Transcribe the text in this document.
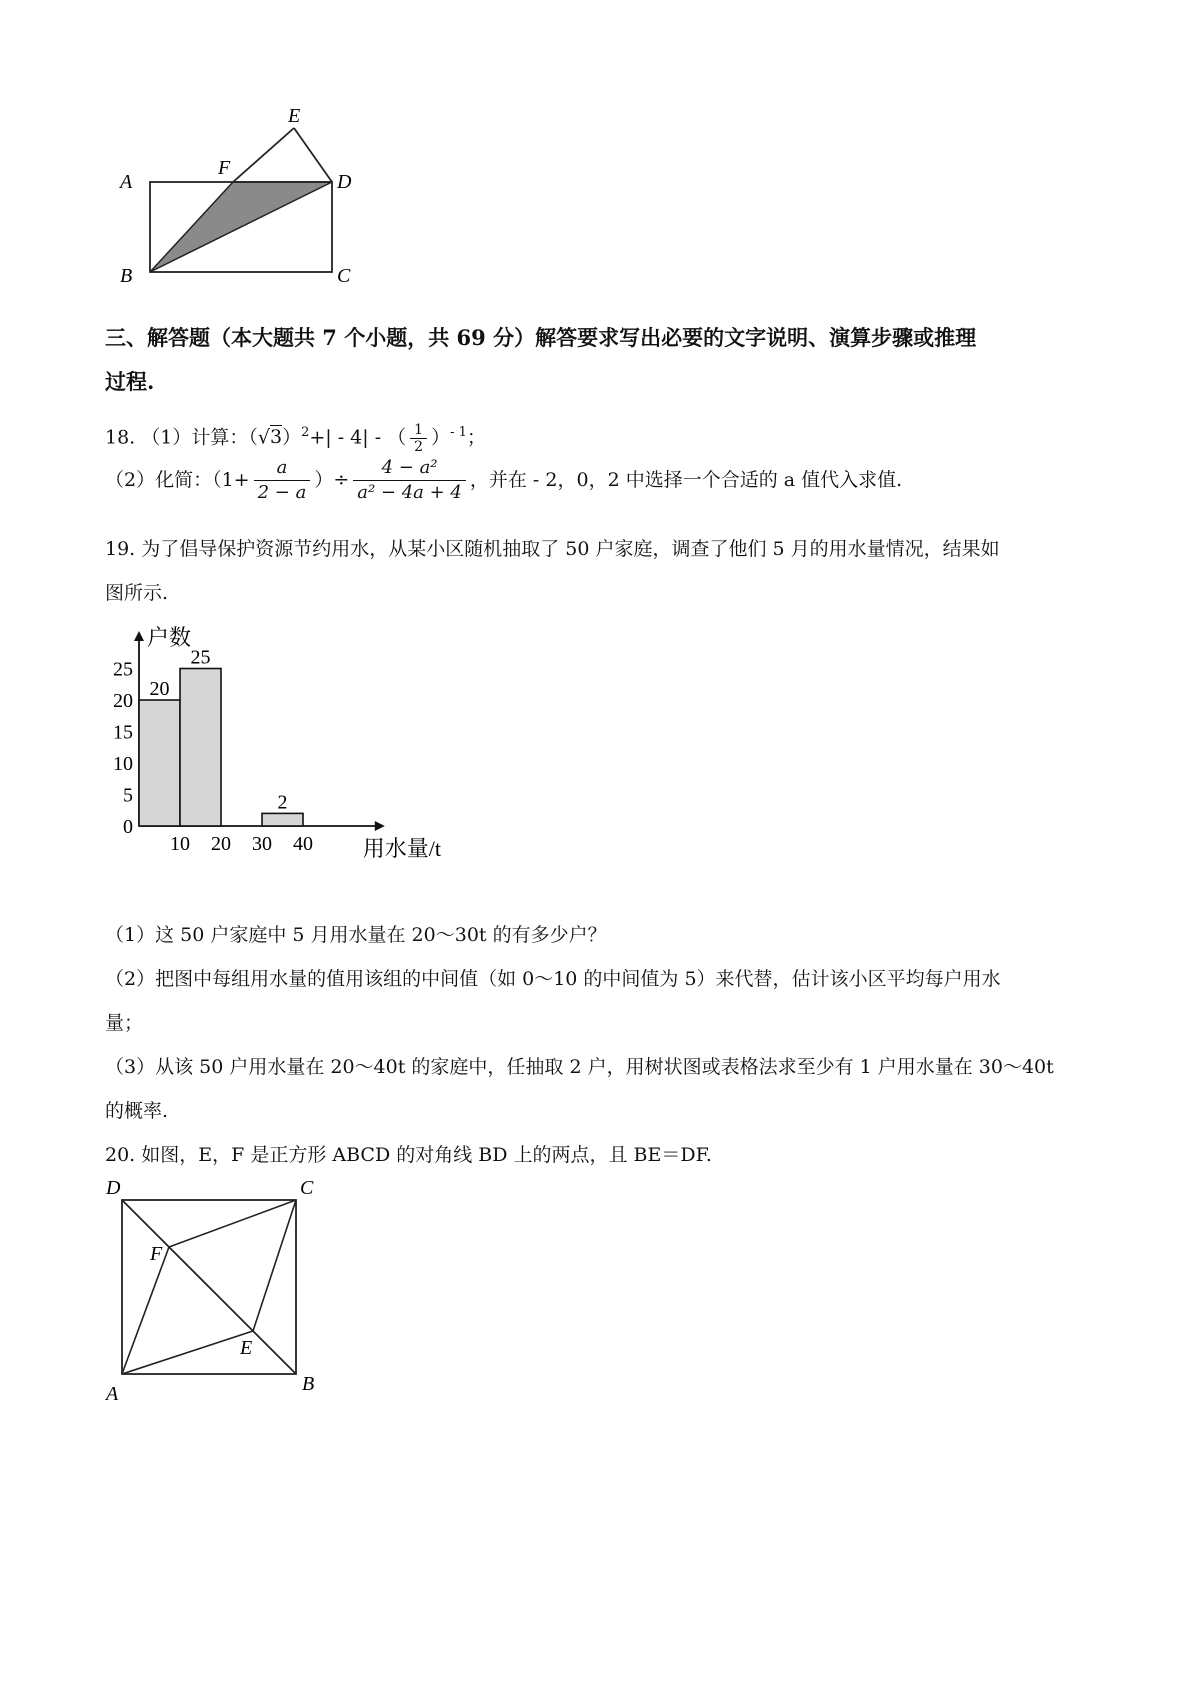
A
B	C
D
E
F
三、解答题（本大题共 7 个小题，共 69 分）解答要求写出必要的文字说明、演算步骤或推理
过程.
18. （1）计算：$(√3)^2+| - 4|$ - （ $\frac{1}{2} )^{- 1}$；
（2）化简：（$1+ \frac{a}{2 - a}$ ）÷ $\frac{\text{4 − a²}}{\text{a² − 4a + 4}}$ ，并在 - 2，0，2 中选择一个合适的 a 值代入求值.
19. 为了倡导保护资源节约用水，从某小区随机抽取了 50 户家庭，调查了他们 5 月的用水量情况，结果如
图所示.
户数
用水量/t
0
5
10
15
20
25
10 20 30 40
20
25
2
（1）这 50 户家庭中 5 月用水量在 20～30t 的有多少户？
（2）把图中每组用水量的值用该组的中间值（如 0～10 的中间值为 5）来代替，估计该小区平均每户用水
量；
（3）从该 50 户用水量在 20～40t 的家庭中，任抽取 2 户，用树状图或表格法求至少有 1 户用水量在 30～40t
的概率.
20. 如图，E，F 是正方形 ABCD 的对角线 BD 上的两点，且 BE＝DF.
D	C
A	B
F
E
